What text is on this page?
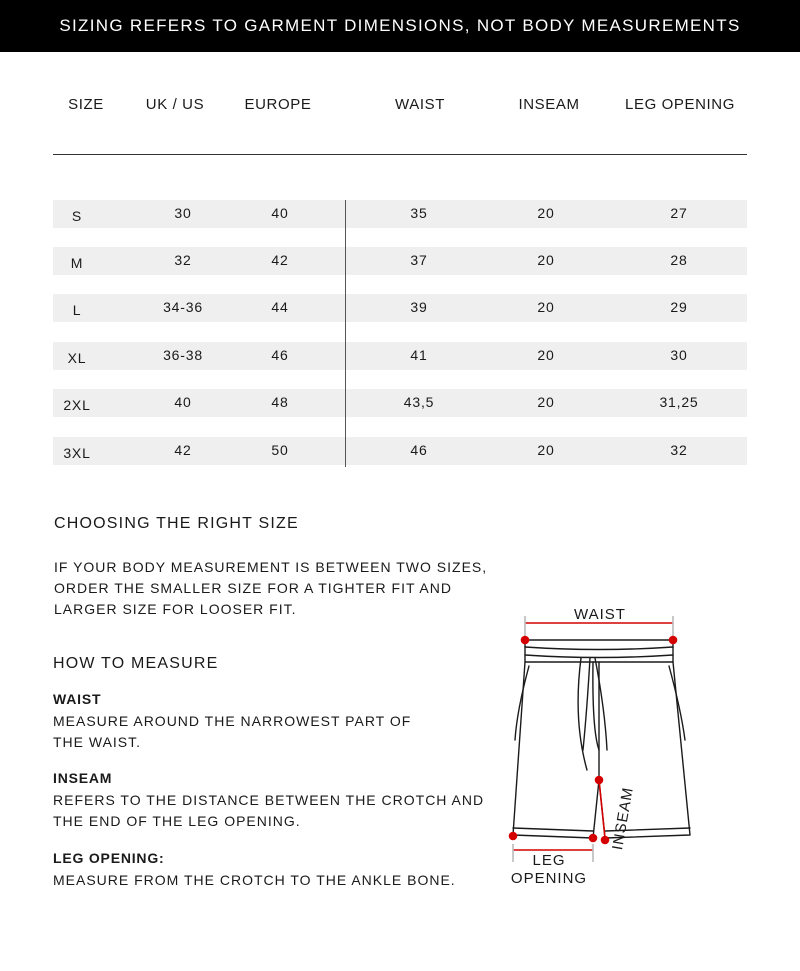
SIZING REFERS TO GARMENT DIMENSIONS, NOT BODY MEASUREMENTS
SIZE	UK / US	EUROPE	WAIST	INSEAM	LEG OPENING
S	30	40	35	20	27
M	32	42	37	20	28
L	34-36	44	39	20	29
XL	36-38	46	41	20	30
2XL	40	48	43,5	20	31,25
3XL	42	50	46	20	32
CHOOSING THE RIGHT SIZE
IF YOUR BODY MEASUREMENT IS BETWEEN TWO SIZES,
ORDER THE SMALLER SIZE FOR A TIGHTER FIT AND
LARGER SIZE FOR LOOSER FIT.
HOW TO MEASURE
WAIST
MEASURE AROUND THE NARROWEST PART OF
THE WAIST.
INSEAM
REFERS TO THE DISTANCE BETWEEN THE CROTCH AND
THE END OF THE LEG OPENING.
LEG OPENING:
MEASURE FROM THE CROTCH TO THE ANKLE BONE.
WAIST
INSEAM
LEG
OPENING
